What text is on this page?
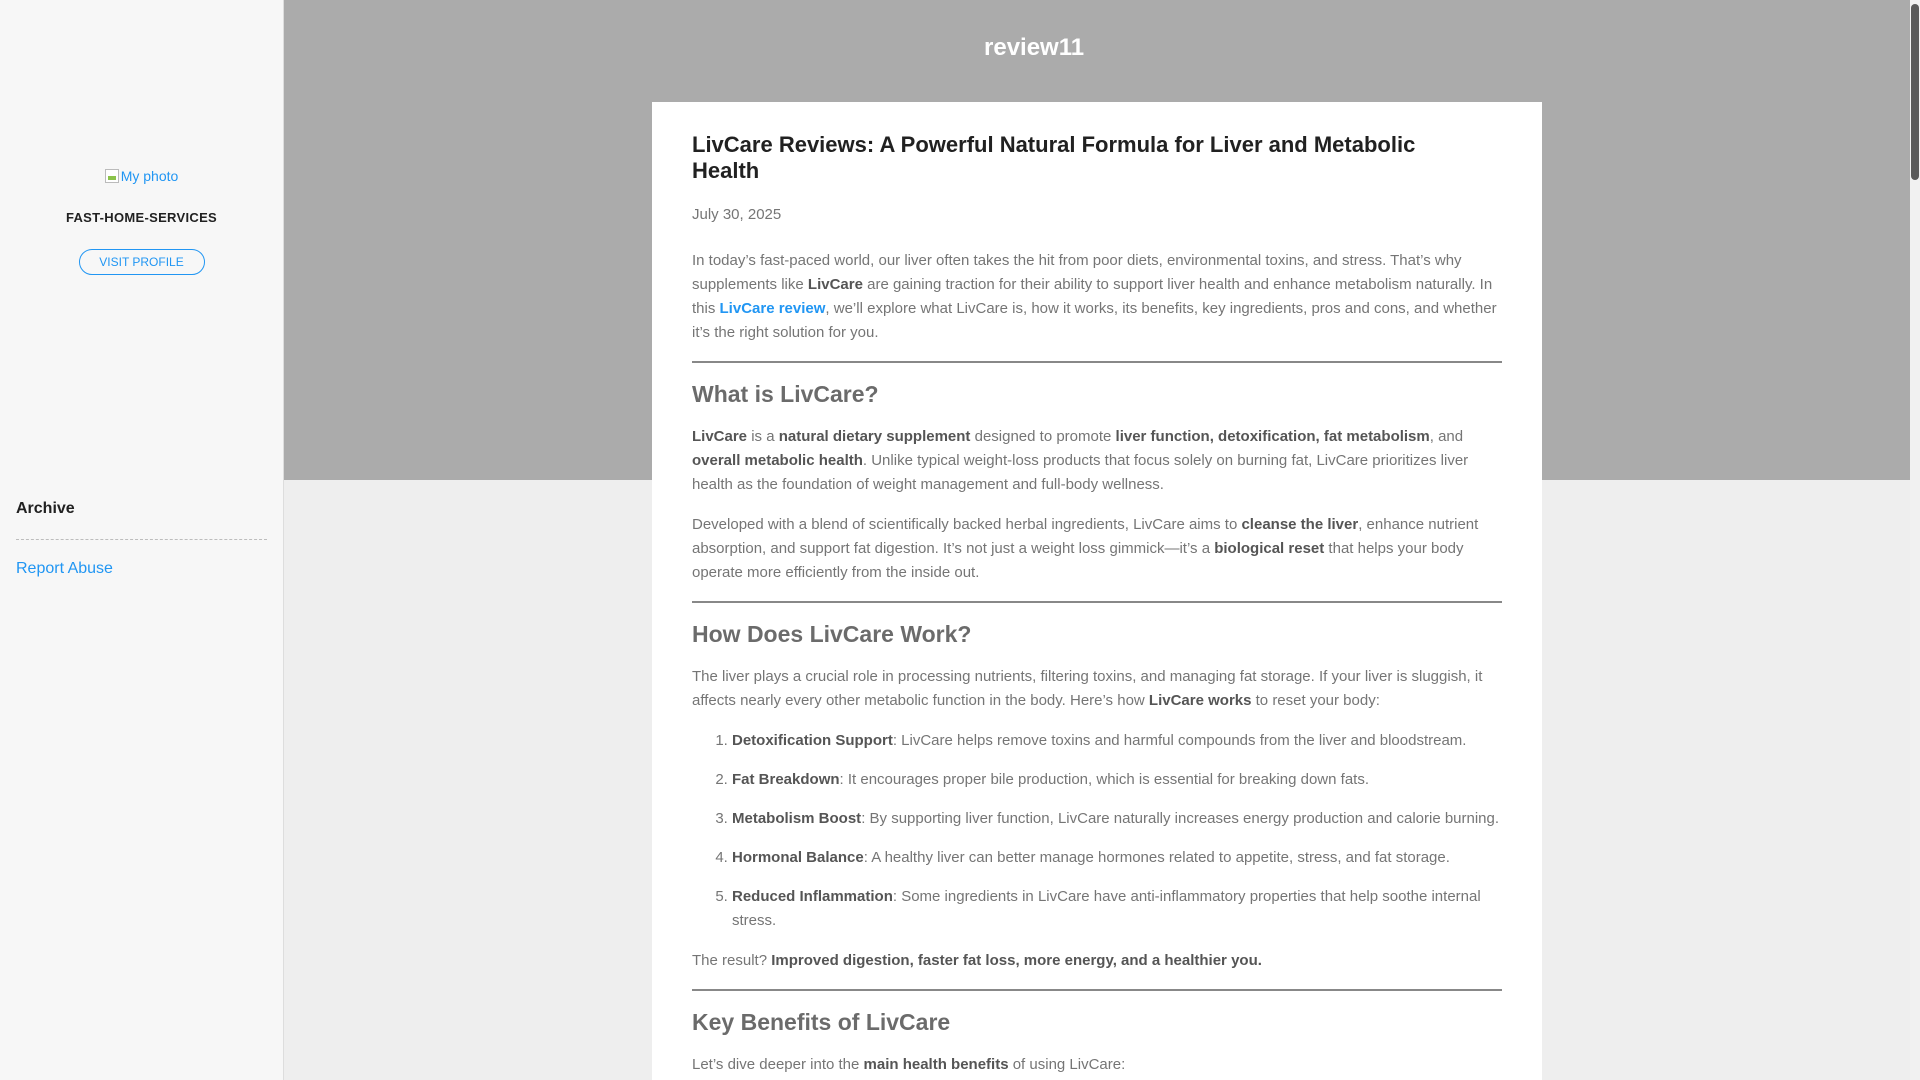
My photo
FAST-HOME-SERVICES
VISIT PROFILE
Archive
Report Abuse
review11
LivCare Reviews: A Powerful Natural Formula for Liver and Metabolic Health
July 30, 2025

In today’s fast-paced world, our liver often takes the hit from poor diets, environmental toxins, and stress. That’s why supplements like LivCare are gaining traction for their ability to support liver health and enhance metabolism naturally. In this LivCare review, we’ll explore what LivCare is, how it works, its benefits, key ingredients, pros and cons, and whether it’s the right solution for you.

What is LivCare?

LivCare is a natural dietary supplement designed to promote liver function, detoxification, fat metabolism, and overall metabolic health. Unlike typical weight-loss products that focus solely on burning fat, LivCare prioritizes liver health as the foundation of weight management and full-body wellness.

Developed with a blend of scientifically backed herbal ingredients, LivCare aims to cleanse the liver, enhance nutrient absorption, and support fat digestion. It’s not just a weight loss gimmick—it’s a biological reset that helps your body operate more efficiently from the inside out.

How Does LivCare Work?

The liver plays a crucial role in processing nutrients, filtering toxins, and managing fat storage. If your liver is sluggish, it affects nearly every other metabolic function in the body. Here’s how LivCare works to reset your body:

1. Detoxification Support: LivCare helps remove toxins and harmful compounds from the liver and bloodstream.
2. Fat Breakdown: It encourages proper bile production, which is essential for breaking down fats.
3. Metabolism Boost: By supporting liver function, LivCare naturally increases energy production and calorie burning.
4. Hormonal Balance: A healthy liver can better manage hormones related to appetite, stress, and fat storage.
5. Reduced Inflammation: Some ingredients in LivCare have anti-inflammatory properties that help soothe internal stress.

The result? Improved digestion, faster fat loss, more energy, and a healthier you.

Key Benefits of LivCare

Let’s dive deeper into the main health benefits of using LivCare:
